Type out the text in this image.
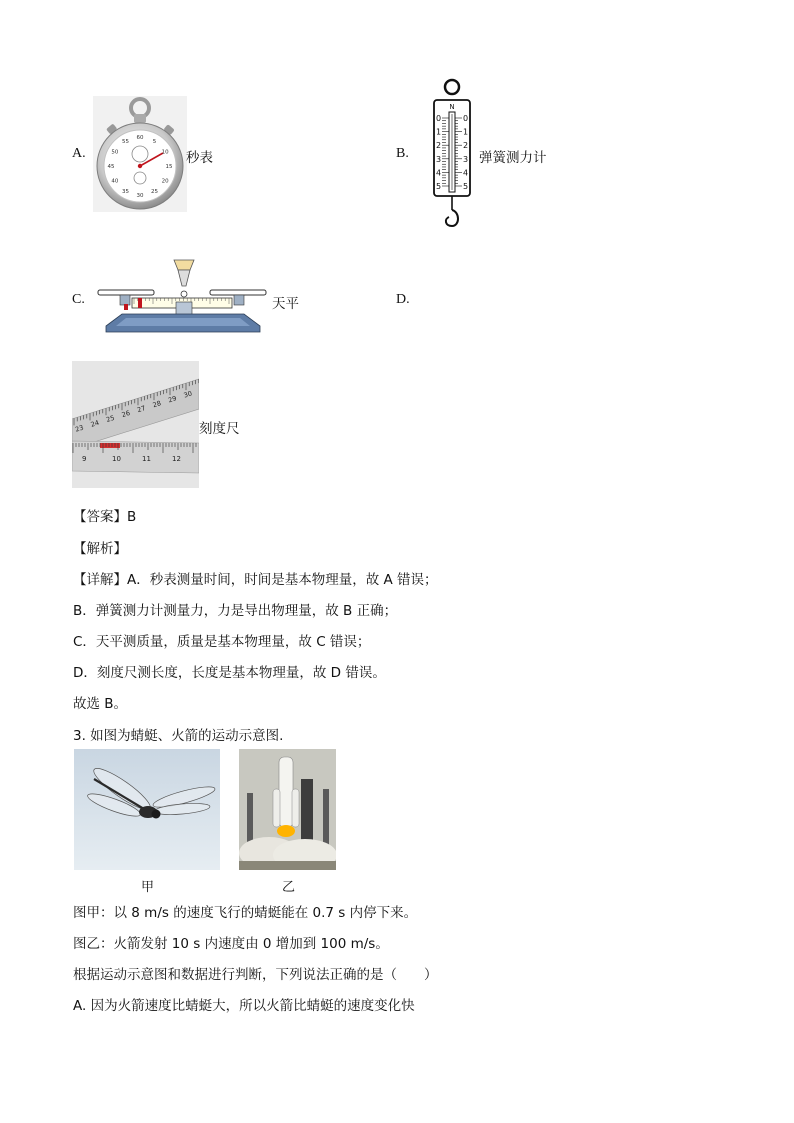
A.
60
5
10
15
20
25
30
35
40
45
50
55
秒表	B.
N
0	0
1	1
2	2
3	3
4	4
5	5
弹簧测力计
C.	天平	D.
23 24 25 26 27 28 29 30
9	10	11	12
刻度尺
【答案】B
【解析】
【详解】A．秒表测量时间，时间是基本物理量，故 A 错误；
B．弹簧测力计测量力，力是导出物理量，故 B 正确；
C．天平测质量，质量是基本物理量，故 C 错误；
D．刻度尺测长度，长度是基本物理量，故 D 错误。
故选 B。
3. 如图为蜻蜓、火箭的运动示意图.
甲	乙
图甲：以 8 m/s 的速度飞行的蜻蜓能在 0.7 s 内停下来。
图乙：火箭发射 10 s 内速度由 0 增加到 100 m/s。
根据运动示意图和数据进行判断，下列说法正确的是（　　）
A. 因为火箭速度比蜻蜓大，所以火箭比蜻蜓的速度变化快
